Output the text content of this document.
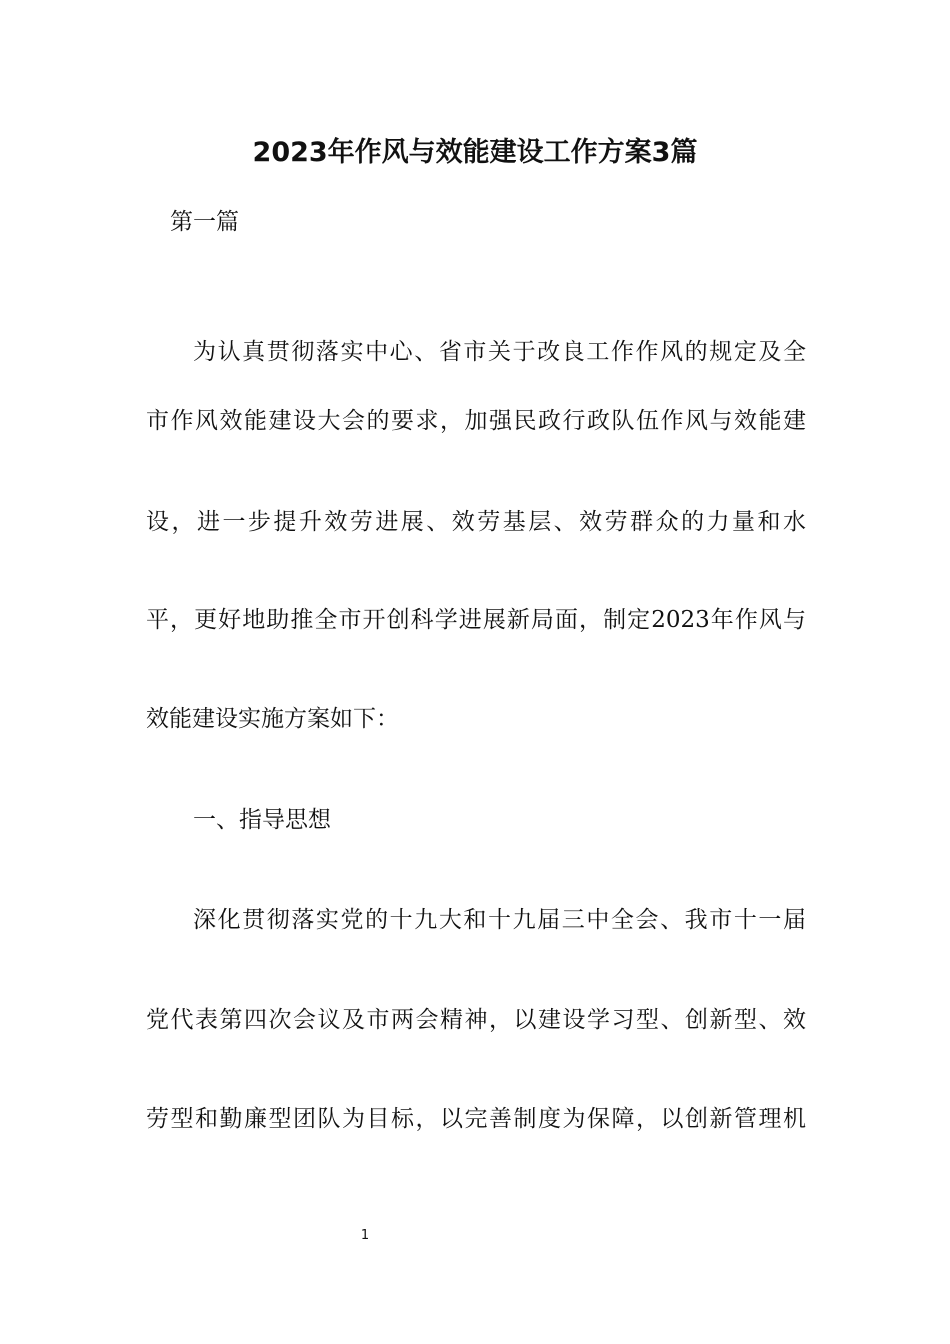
2023年作风与效能建设工作方案3篇
第一篇
为认真贯彻落实中心、省市关于改良工作作风的规定及全
市作风效能建设大会的要求，加强民政行政队伍作风与效能建
设，进一步提升效劳进展、效劳基层、效劳群众的力量和水
平，更好地助推全市开创科学进展新局面，制定2023年作风与
效能建设实施方案如下：
一、指导思想
深化贯彻落实党的十九大和十九届三中全会、我市十一届
党代表第四次会议及市两会精神，以建设学习型、创新型、效
劳型和勤廉型团队为目标，以完善制度为保障，以创新管理机
1
